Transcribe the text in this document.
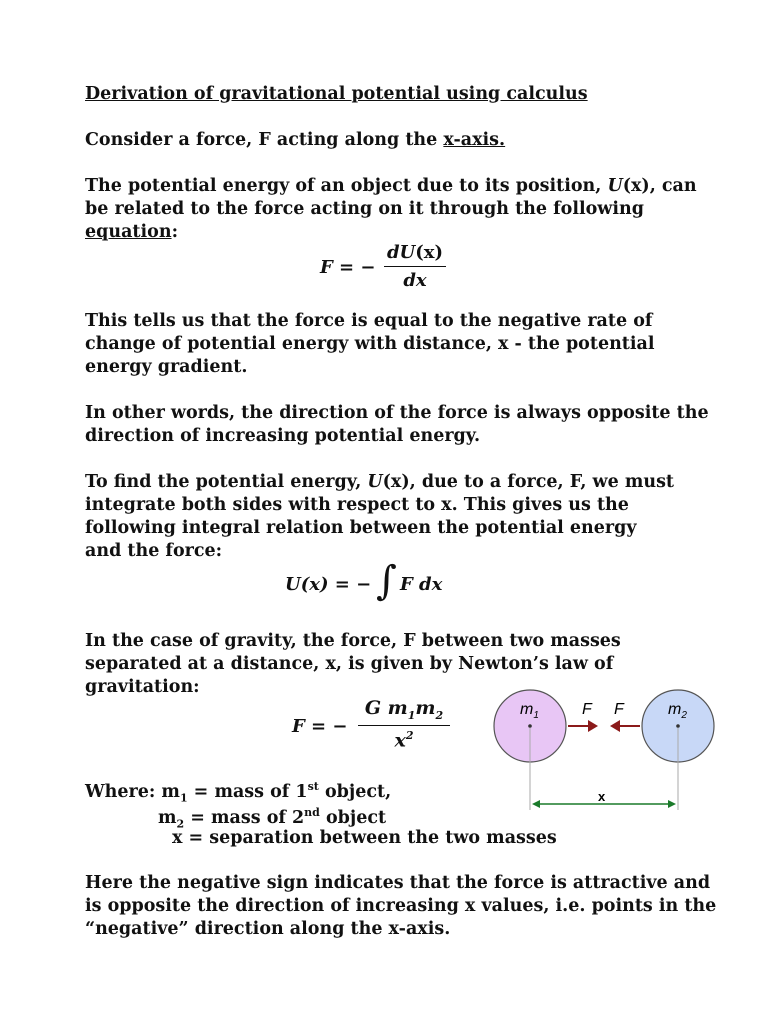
Derivation of gravitational potential using calculus
Consider a force, F acting along the x-axis.
The potential energy of an object due to its position, U(x), can
be related to the force acting on it through the following
equation:
F = −
dU(x)
dx
This tells us that the force is equal to the negative rate of
change of potential energy with distance, x - the potential
energy gradient.
In other words, the direction of the force is always opposite the
direction of increasing potential energy.
To find the potential energy, U(x), due to a force, F, we must
integrate both sides with respect to x. This gives us the
following integral relation between the potential energy
and the force:
U(x) = − ∫ F dx
In the case of gravity, the force, F between two masses
separated at a distance, x, is given by Newton’s law of
gravitation:
F = −
G $m_1m_2$
$x^2$
$m_1$	$m_2$
F F
x
Where: $m_1$ = mass of 1st object,
$m_2$ = mass of 2nd object
x = separation between the two masses
Here the negative sign indicates that the force is attractive and
is opposite the direction of increasing x values, i.e. points in the
“negative” direction along the x-axis.
